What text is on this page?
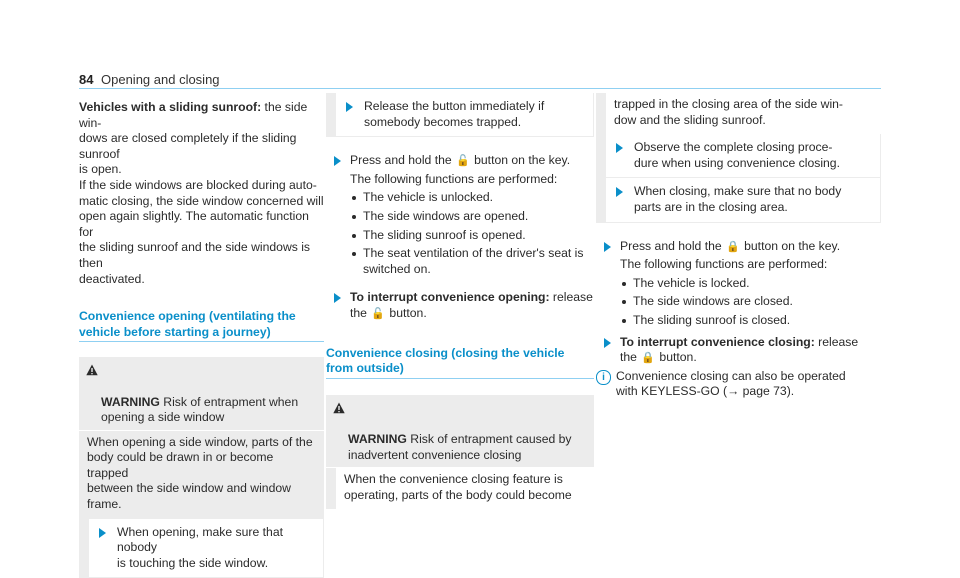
84 Opening and closing

Vehicles with a sliding sunroof: the side win-
dows are closed completely if the sliding sunroof
is open.

If the side windows are blocked during auto-
matic closing, the side window concerned will
open again slightly. The automatic function for
the sliding sunroof and the side windows is then
deactivated.

Convenience opening (ventilating the vehicle before starting a journey)

WARNING Risk of entrapment when
opening a side window

When opening a side window, parts of the
body could be drawn in or become trapped
between the side window and window frame.
When opening, make sure that nobody
is touching the side window.
Release the button immediately if
somebody becomes trapped.

Press and hold the 🔓 button on the key.

The following functions are performed:

The vehicle is unlocked.
The side windows are opened.
The sliding sunroof is opened.
The seat ventilation of the driver's seat is
switched on.

To interrupt convenience opening: release

the 🔓 button.

Convenience closing (closing the vehicle from outside)

WARNING Risk of entrapment caused by
inadvertent convenience closing

When the convenience closing feature is
operating, parts of the body could become
trapped in the closing area of the side win-
dow and the sliding sunroof.
Observe the complete closing proce-
dure when using convenience closing.
When closing, make sure that no body
parts are in the closing area.

Press and hold the 🔒 button on the key.

The following functions are performed:

The vehicle is locked.
The side windows are closed.
The sliding sunroof is closed.

To interrupt convenience closing: release

the 🔒 button.

i Convenience closing can also be operated
with KEYLESS-GO (→ page 73).
